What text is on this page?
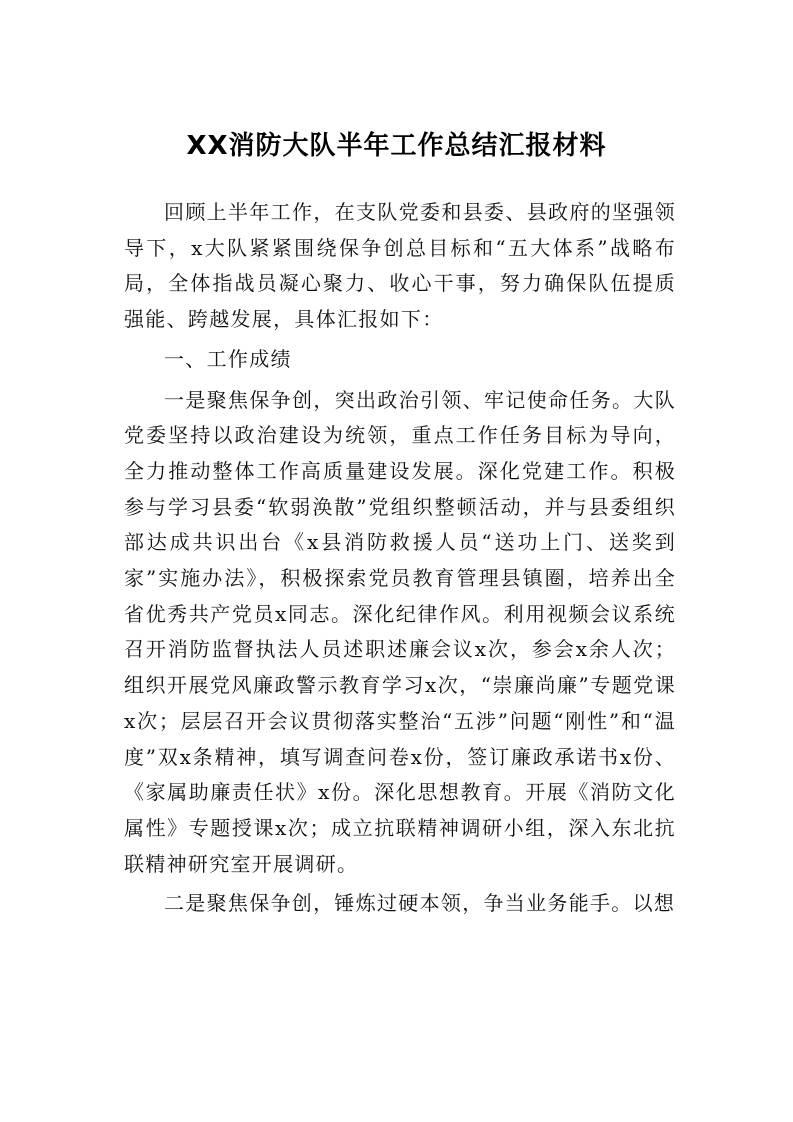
XX消防大队半年工作总结汇报材料

回顾上半年工作，在支队党委和县委、县政府的坚强领导下，x大队紧紧围绕保争创总目标和“五大体系”战略布局，全体指战员凝心聚力、收心干事，努力确保队伍提质强能、跨越发展，具体汇报如下：

一、工作成绩

一是聚焦保争创，突出政治引领、牢记使命任务。大队党委坚持以政治建设为统领，重点工作任务目标为导向，全力推动整体工作高质量建设发展。深化党建工作。积极参与学习县委“软弱涣散”党组织整顿活动，并与县委组织部达成共识出台《x县消防救援人员“送功上门、送奖到家”实施办法》，积极探索党员教育管理县镇圈，培养出全省优秀共产党员x同志。深化纪律作风。利用视频会议系统召开消防监督执法人员述职述廉会议x次，参会x余人次；组织开展党风廉政警示教育学习x次，“崇廉尚廉”专题党课x次；层层召开会议贯彻落实整治“五涉”问题“刚性”和“温度”双x条精神，填写调查问卷x份，签订廉政承诺书x份、《家属助廉责任状》x份。深化思想教育。开展《消防文化属性》专题授课x次；成立抗联精神调研小组，深入东北抗联精神研究室开展调研。

二是聚焦保争创，锤炼过硬本领，争当业务能手。以想
